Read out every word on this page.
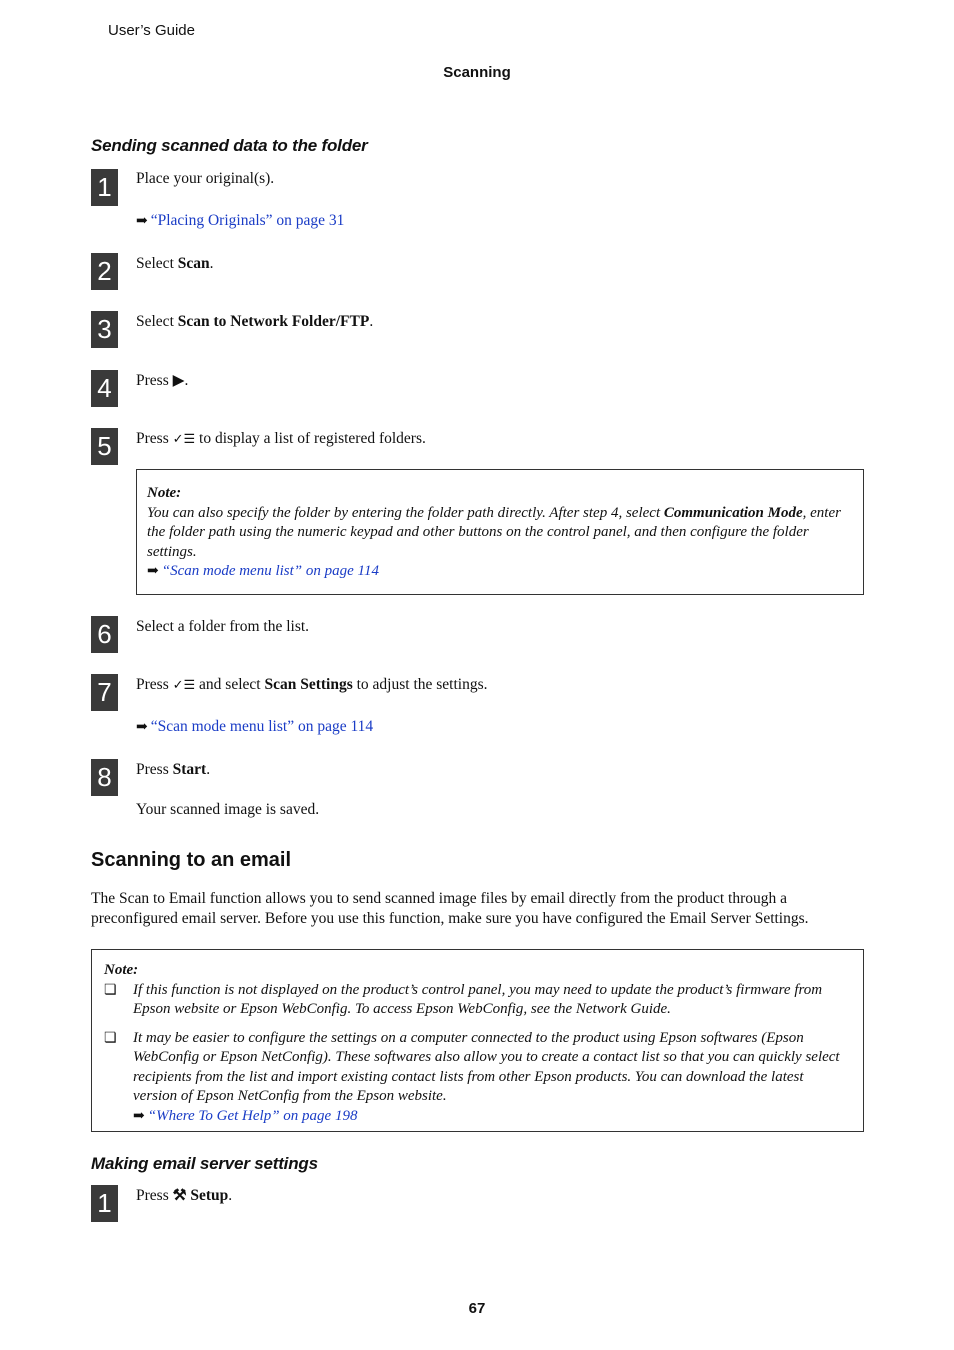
User’s Guide
Scanning
Sending scanned data to the folder
1	Place your original(s).
➡ “Placing Originals” on page 31
2	Select Scan.
3	Select Scan to Network Folder/FTP.
4	Press ▶.
5	Press ✓☰ to display a list of registered folders.
Note:
You can also specify the folder by entering the folder path directly. After step 4, select Communication Mode, enter
the folder path using the numeric keypad and other buttons on the control panel, and then configure the folder
settings.
➡ “Scan mode menu list” on page 114
6	Select a folder from the list.
7	Press ✓☰ and select Scan Settings to adjust the settings.
➡ “Scan mode menu list” on page 114
8	Press Start.
Your scanned image is saved.
Scanning to an email
The Scan to Email function allows you to send scanned image files by email directly from the product through a
preconfigured email server. Before you use this function, make sure you have configured the Email Server Settings.
Note:
❏	If this function is not displayed on the product’s control panel, you may need to update the product’s firmware from
Epson website or Epson WebConfig. To access Epson WebConfig, see the Network Guide.
❏	It may be easier to configure the settings on a computer connected to the product using Epson softwares (Epson
WebConfig or Epson NetConfig). These softwares also allow you to create a contact list so that you can quickly select
recipients from the list and import existing contact lists from other Epson products. You can download the latest
version of Epson NetConfig from the Epson website.
➡ “Where To Get Help” on page 198
Making email server settings
1	Press ⚒ Setup.
67
